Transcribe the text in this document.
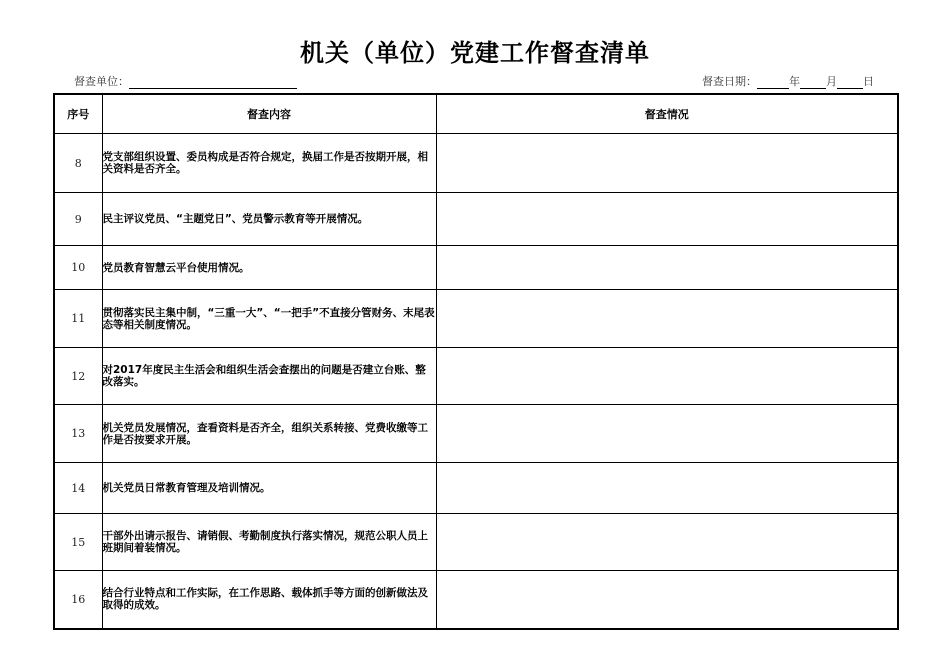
机关（单位）党建工作督查清单
督查单位：	督查日期：	年 月 日
序号	督查内容	督查情况
8	党支部组织设置、委员构成是否符合规定，换届工作是否按期开展，相关资料是否齐全。	
9	民主评议党员、“主题党日”、党员警示教育等开展情况。	
10	党员教育智慧云平台使用情况。	
11	贯彻落实民主集中制，“三重一大”、“一把手”不直接分管财务、末尾表态等相关制度情况。	
12	对2017年度民主生活会和组织生活会查摆出的问题是否建立台账、整改落实。	
13	机关党员发展情况，查看资料是否齐全，组织关系转接、党费收缴等工作是否按要求开展。	
14	机关党员日常教育管理及培训情况。	
15	干部外出请示报告、请销假、考勤制度执行落实情况，规范公职人员上班期间着装情况。	
16	结合行业特点和工作实际，在工作思路、载体抓手等方面的创新做法及取得的成效。	
